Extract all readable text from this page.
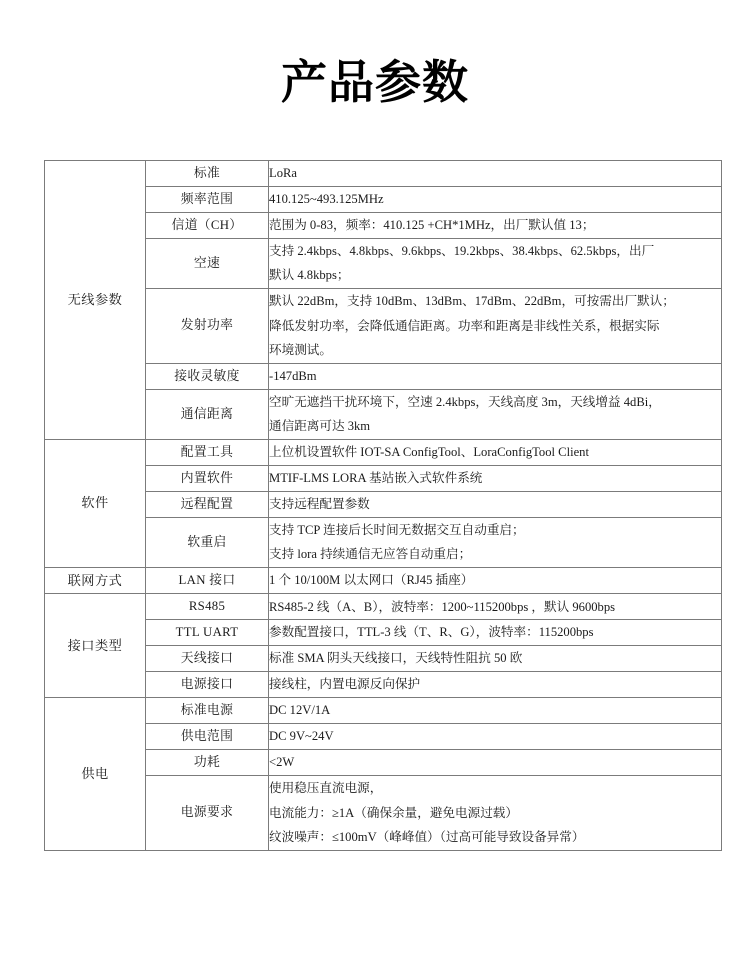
产品参数
无线参数	标准	LoRa

	频率范围	410.125~493.125MHz

	信道（CH）	范围为 0-83，频率：410.125 +CH*1MHz，出厂默认值 13；

	空速	支持 2.4kbps、4.8kbps、9.6kbps、19.2kbps、38.4kbps、62.5kbps，出厂
默认 4.8kbps；

	发射功率	默认 22dBm，支持 10dBm、13dBm、17dBm、22dBm，可按需出厂默认；
降低发射功率，会降低通信距离。功率和距离是非线性关系，根据实际
环境测试。

	接收灵敏度	-147dBm

	通信距离	空旷无遮挡干扰环境下，空速 2.4kbps，天线高度 3m，天线增益 4dBi，
通信距离可达 3km

软件	配置工具	上位机设置软件 IOT-SA ConfigTool、LoraConfigTool Client

	内置软件	MTIF-LMS LORA 基站嵌入式软件系统

	远程配置	支持远程配置参数

	软重启	支持 TCP 连接后长时间无数据交互自动重启；
支持 lora 持续通信无应答自动重启；

联网方式	LAN 接口	1 个 10/100M 以太网口（RJ45 插座）

接口类型	RS485	RS485-2 线（A、B），波特率：1200~115200bps ，默认 9600bps

	TTL UART	参数配置接口，TTL-3 线（T、R、G），波特率：115200bps

	天线接口	标准 SMA 阴头天线接口，天线特性阻抗 50 欧

	电源接口	接线柱，内置电源反向保护

供电	标准电源	DC 12V/1A

	供电范围	DC 9V~24V

	功耗	<2W

	电源要求	使用稳压直流电源，
电流能力：≥1A（确保余量，避免电源过载）
纹波噪声：≤100mV（峰峰值）（过高可能导致设备异常）
